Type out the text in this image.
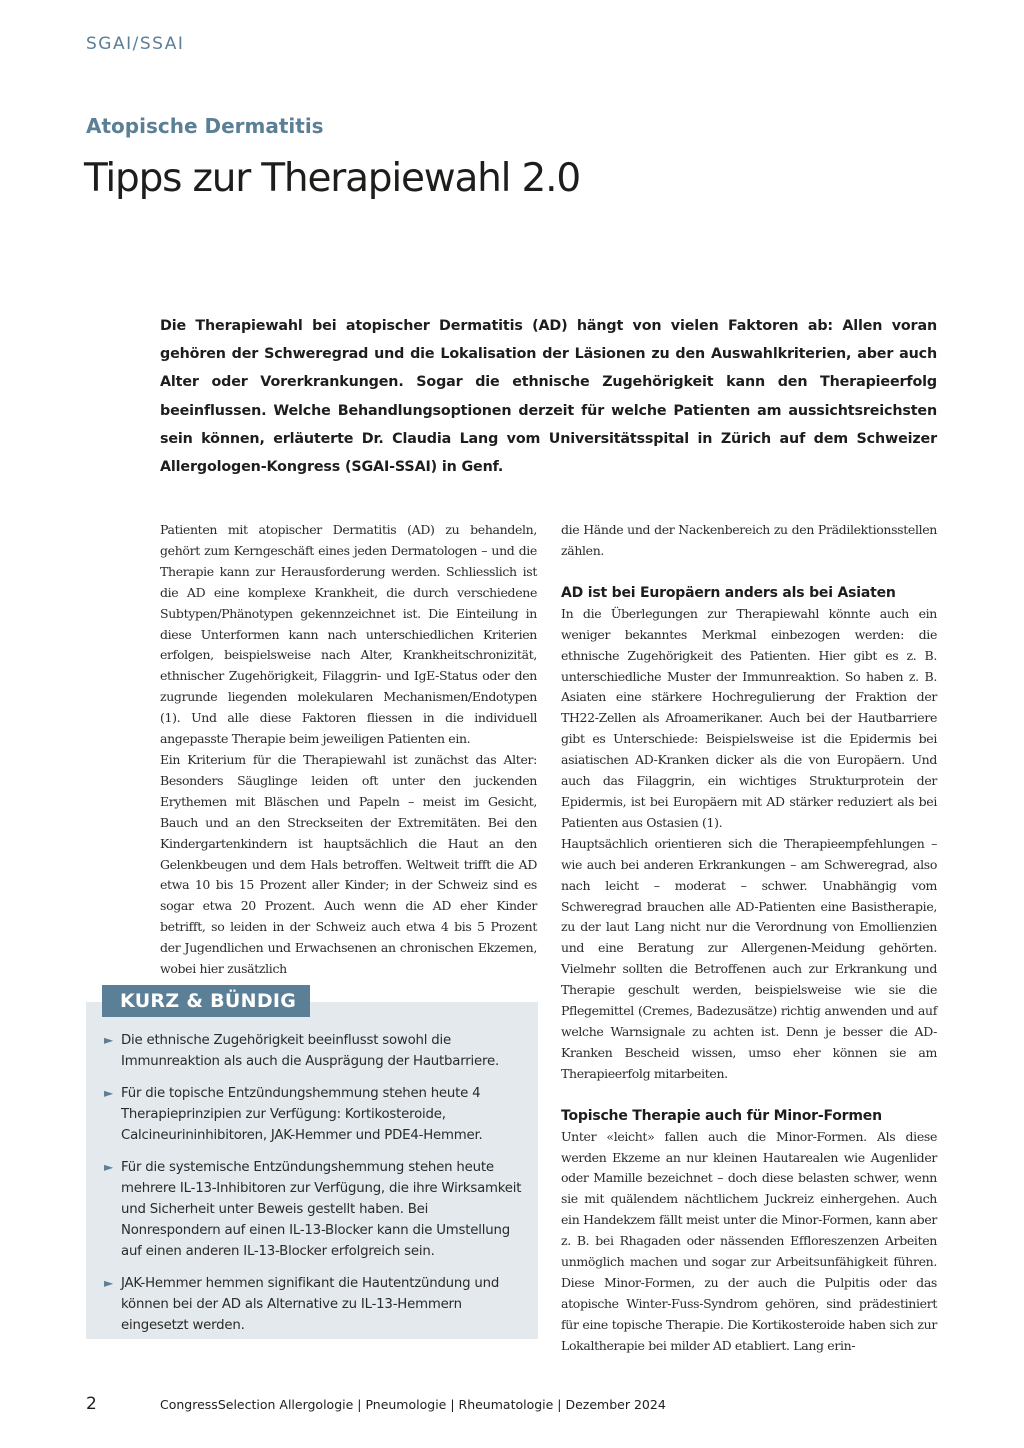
SGAI/SSAI
Atopische Dermatitis
Tipps zur Therapiewahl 2.0

Die Therapiewahl bei atopischer Dermatitis (AD) hängt von vielen Faktoren ab: Allen voran gehören der Schweregrad und die Lokalisation der Läsionen zu den Auswahlkriterien, aber auch Alter oder Vorerkrankungen. Sogar die ethnische Zugehörigkeit kann den Therapieerfolg beeinflussen. Welche Behandlungsoptionen derzeit für welche Patienten am aussichtsreichsten sein können, erläuterte Dr. Claudia Lang vom Universitätsspital in Zürich auf dem Schweizer Allergologen-Kongress (SGAI-SSAI) in Genf.

Patienten mit atopischer Dermatitis (AD) zu behandeln, gehört zum Kerngeschäft eines jeden Dermatologen – und die Therapie kann zur Herausforderung werden. Schliesslich ist die AD eine komplexe Krankheit, die durch verschiedene Subtypen/Phänotypen gekennzeichnet ist. Die Einteilung in diese Unterformen kann nach unterschiedlichen Kriterien erfolgen, beispielsweise nach Alter, Krankheitschronizität, ethnischer Zugehörigkeit, Filaggrin- und IgE-Status oder den zugrunde liegenden molekularen Mechanismen/Endotypen (1). Und alle diese Faktoren fliessen in die individuell angepasste Therapie beim jeweiligen Patienten ein.

Ein Kriterium für die Therapiewahl ist zunächst das Alter: Besonders Säuglinge leiden oft unter den juckenden Erythemen mit Bläschen und Papeln – meist im Gesicht, Bauch und an den Streckseiten der Extremitäten. Bei den Kindergartenkindern ist hauptsächlich die Haut an den Gelenkbeugen und dem Hals betroffen. Weltweit trifft die AD etwa 10 bis 15 Prozent aller Kinder; in der Schweiz sind es sogar etwa 20 Prozent. Auch wenn die AD eher Kinder betrifft, so leiden in der Schweiz auch etwa 4 bis 5 Prozent der Jugendlichen und Erwachsenen an chronischen Ekzemen, wobei hier zusätzlich

die Hände und der Nackenbereich zu den Prädilektionsstellen zählen.

AD ist bei Europäern anders als bei Asiaten

In die Überlegungen zur Therapiewahl könnte auch ein weniger bekanntes Merkmal einbezogen werden: die ethnische Zugehörigkeit des Patienten. Hier gibt es z. B. unterschiedliche Muster der Immunreaktion. So haben z. B. Asiaten eine stärkere Hochregulierung der Fraktion der TH22-Zellen als Afroamerikaner. Auch bei der Hautbarriere gibt es Unterschiede: Beispielsweise ist die Epidermis bei asiatischen AD-Kranken dicker als die von Europäern. Und auch das Filaggrin, ein wichtiges Strukturprotein der Epidermis, ist bei Europäern mit AD stärker reduziert als bei Patienten aus Ostasien (1).

Hauptsächlich orientieren sich die Therapieempfehlungen – wie auch bei anderen Erkrankungen – am Schweregrad, also nach leicht – moderat – schwer. Unabhängig vom Schweregrad brauchen alle AD-Patienten eine Basistherapie, zu der laut Lang nicht nur die Verordnung von Emollienzien und eine Beratung zur Allergenen-Meidung gehörten. Vielmehr sollten die Betroffenen auch zur Erkrankung und Therapie geschult werden, beispielsweise wie sie die Pflegemittel (Cremes, Badezusätze) richtig anwenden und auf welche Warnsignale zu achten ist. Denn je besser die AD-Kranken Bescheid wissen, umso eher können sie am Therapieerfolg mitarbeiten.

Topische Therapie auch für Minor-Formen

Unter «leicht» fallen auch die Minor-Formen. Als diese werden Ekzeme an nur kleinen Hautarealen wie Augenlider oder Mamille bezeichnet – doch diese belasten schwer, wenn sie mit quälendem nächtlichem Juckreiz einhergehen. Auch ein Handekzem fällt meist unter die Minor-Formen, kann aber z. B. bei Rhagaden oder nässenden Effloreszenzen Arbeiten unmöglich machen und sogar zur Arbeitsunfähigkeit führen. Diese Minor-Formen, zu der auch die Pulpitis oder das atopische Winter-Fuss-Syndrom gehören, sind prädestiniert für eine topische Therapie. Die Kortikosteroide haben sich zur Lokaltherapie bei milder AD etabliert. Lang erin-

► Die ethnische Zugehörigkeit beeinflusst sowohl die Immunreaktion als auch die Ausprägung der Hautbarriere.
► Für die topische Entzündungshemmung stehen heute 4 Therapieprinzipien zur Verfügung: Kortikosteroide, Calcineurininhibitoren, JAK-Hemmer und PDE4-Hemmer.
► Für die systemische Entzündungshemmung stehen heute mehrere IL-13-Inhibitoren zur Verfügung, die ihre Wirksamkeit und Sicherheit unter Beweis gestellt haben. Bei Nonrespondern auf einen IL-13-Blocker kann die Umstellung auf einen anderen IL-13-Blocker erfolgreich sein.
► JAK-Hemmer hemmen signifikant die Hautentzündung und können bei der AD als Alternative zu IL-13-Hemmern eingesetzt werden.
KURZ & BÜNDIG
2	CongressSelection Allergologie | Pneumologie | Rheumatologie | Dezember 2024
